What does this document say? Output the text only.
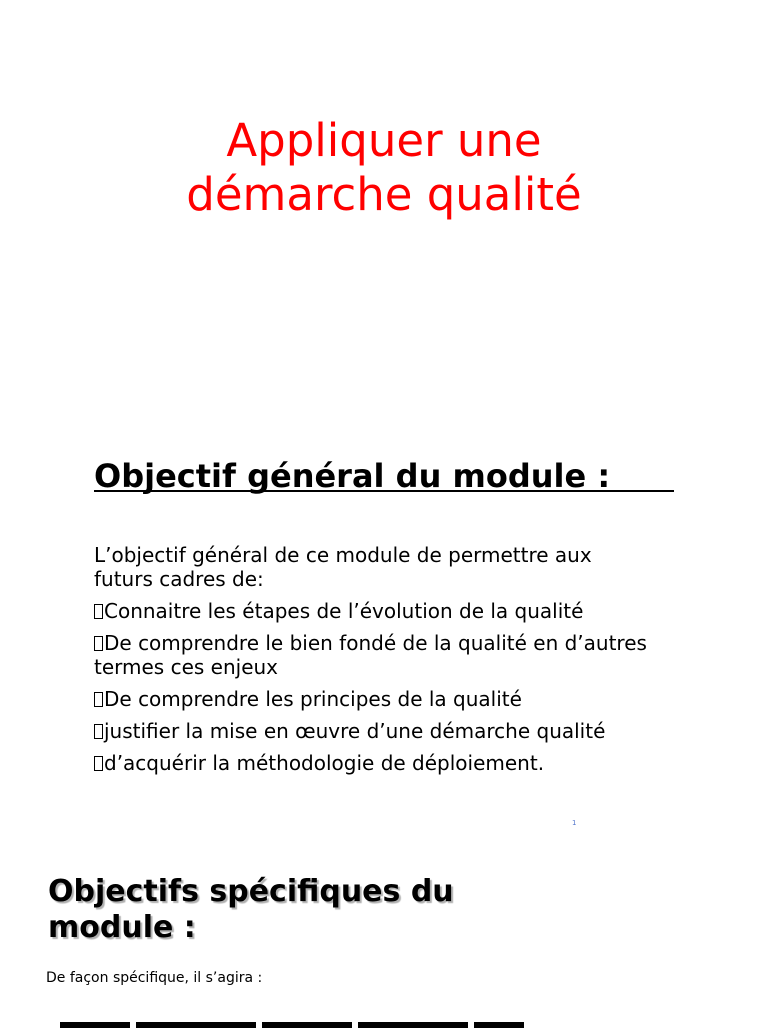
Appliquer une
démarche qualité
Objectif général du module :

L’objectif général de ce module de permettre aux futurs cadres de:

Connaitre les étapes de l’évolution de la qualité

De comprendre le bien fondé de la qualité en d’autres termes ces enjeux

De comprendre les principes de la qualité

justifier la mise en œuvre d’une démarche qualité

d’acquérir la méthodologie de déploiement.

1
Objectifs spécifiques du module :

De façon spécifique, il s’agira :
